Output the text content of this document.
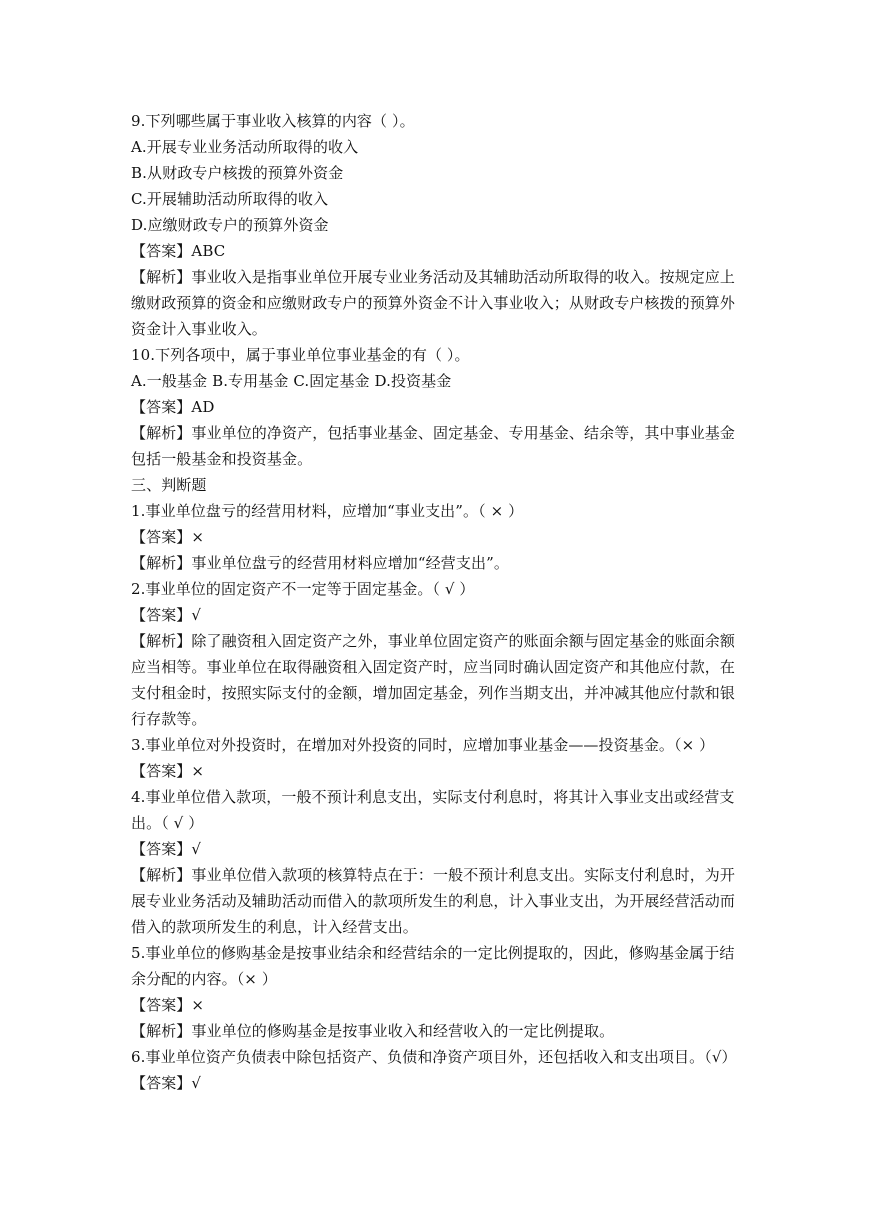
9.下列哪些属于事业收入核算的内容（ ）。
A.开展专业业务活动所取得的收入
B.从财政专户核拨的预算外资金
C.开展辅助活动所取得的收入
D.应缴财政专户的预算外资金
【答案】ABC
【解析】事业收入是指事业单位开展专业业务活动及其辅助活动所取得的收入。按规定应上
缴财政预算的资金和应缴财政专户的预算外资金不计入事业收入；从财政专户核拨的预算外
资金计入事业收入。
10.下列各项中，属于事业单位事业基金的有（ ）。
A.一般基金 B.专用基金 C.固定基金 D.投资基金
【答案】AD
【解析】事业单位的净资产，包括事业基金、固定基金、专用基金、结余等，其中事业基金
包括一般基金和投资基金。
三、判断题
1.事业单位盘亏的经营用材料，应增加“事业支出”。（ × ）
【答案】×
【解析】事业单位盘亏的经营用材料应增加“经营支出”。
2.事业单位的固定资产不一定等于固定基金。（ √ ）
【答案】√
【解析】除了融资租入固定资产之外，事业单位固定资产的账面余额与固定基金的账面余额
应当相等。事业单位在取得融资租入固定资产时，应当同时确认固定资产和其他应付款，在
支付租金时，按照实际支付的金额，增加固定基金，列作当期支出，并冲减其他应付款和银
行存款等。
3.事业单位对外投资时，在增加对外投资的同时，应增加事业基金——投资基金。（× ）
【答案】×
4.事业单位借入款项，一般不预计利息支出，实际支付利息时，将其计入事业支出或经营支
出。（ √ ）
【答案】√
【解析】事业单位借入款项的核算特点在于：一般不预计利息支出。实际支付利息时，为开
展专业业务活动及辅助活动而借入的款项所发生的利息，计入事业支出，为开展经营活动而
借入的款项所发生的利息，计入经营支出。
5.事业单位的修购基金是按事业结余和经营结余的一定比例提取的，因此，修购基金属于结
余分配的内容。（× ）
【答案】×
【解析】事业单位的修购基金是按事业收入和经营收入的一定比例提取。
6.事业单位资产负债表中除包括资产、负债和净资产项目外，还包括收入和支出项目。（√）
【答案】√
